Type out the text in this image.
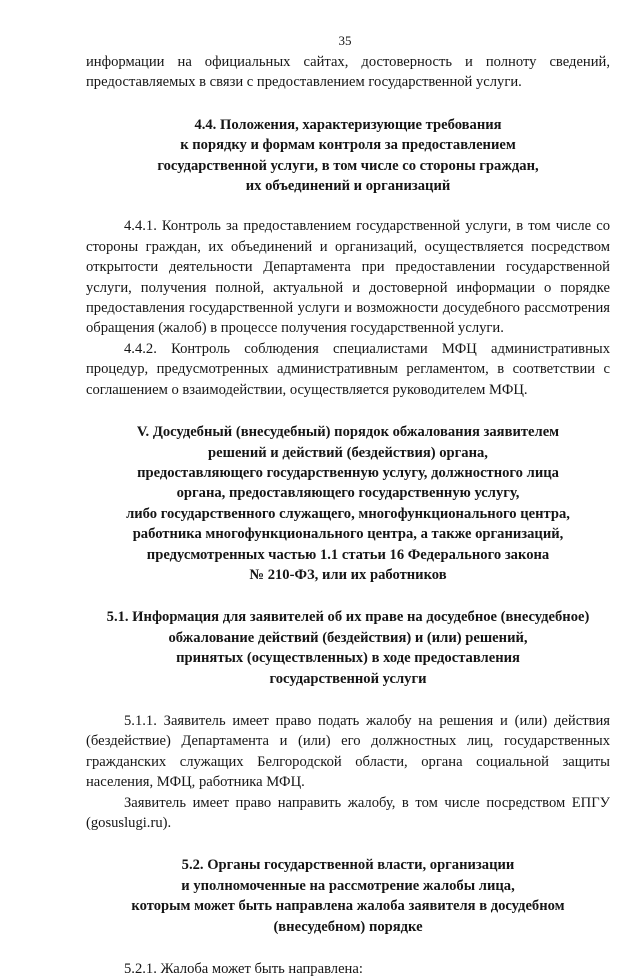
35

информации на официальных сайтах, достоверность и полноту сведений, предоставляемых в связи с предоставлением государственной услуги.

4.4. Положения, характеризующие требования
к порядку и формам контроля за предоставлением
государственной услуги, в том числе со стороны граждан,
их объединений и организаций

4.4.1. Контроль за предоставлением государственной услуги, в том числе со стороны граждан, их объединений и организаций, осуществляется посредством открытости деятельности Департамента при предоставлении государственной услуги, получения полной, актуальной и достоверной информации о порядке предоставления государственной услуги и возможности досудебного рассмотрения обращения (жалоб) в процессе получения государственной услуги.

4.4.2. Контроль соблюдения специалистами МФЦ административных процедур, предусмотренных административным регламентом, в соответствии с соглашением о взаимодействии, осуществляется руководителем МФЦ.

V. Досудебный (внесудебный) порядок обжалования заявителем
решений и действий (бездействия) органа,
предоставляющего государственную услугу, должностного лица
органа, предоставляющего государственную услугу,
либо государственного служащего, многофункционального центра,
работника многофункционального центра, а также организаций,
предусмотренных частью 1.1 статьи 16 Федерального закона
№ 210-ФЗ, или их работников
5.1. Информация для заявителей об их праве на досудебное (внесудебное)
обжалование действий (бездействия) и (или) решений,
принятых (осуществленных) в ходе предоставления
государственной услуги

5.1.1. Заявитель имеет право подать жалобу на решения и (или) действия (бездействие) Департамента и (или) его должностных лиц, государственных гражданских служащих Белгородской области, органа социальной защиты населения, МФЦ, работника МФЦ.

Заявитель имеет право направить жалобу, в том числе посредством ЕПГУ (gosuslugi.ru).

5.2. Органы государственной власти, организации
и уполномоченные на рассмотрение жалобы лица,
которым может быть направлена жалоба заявителя в досудебном
(внесудебном) порядке

5.2.1. Жалоба может быть направлена:
